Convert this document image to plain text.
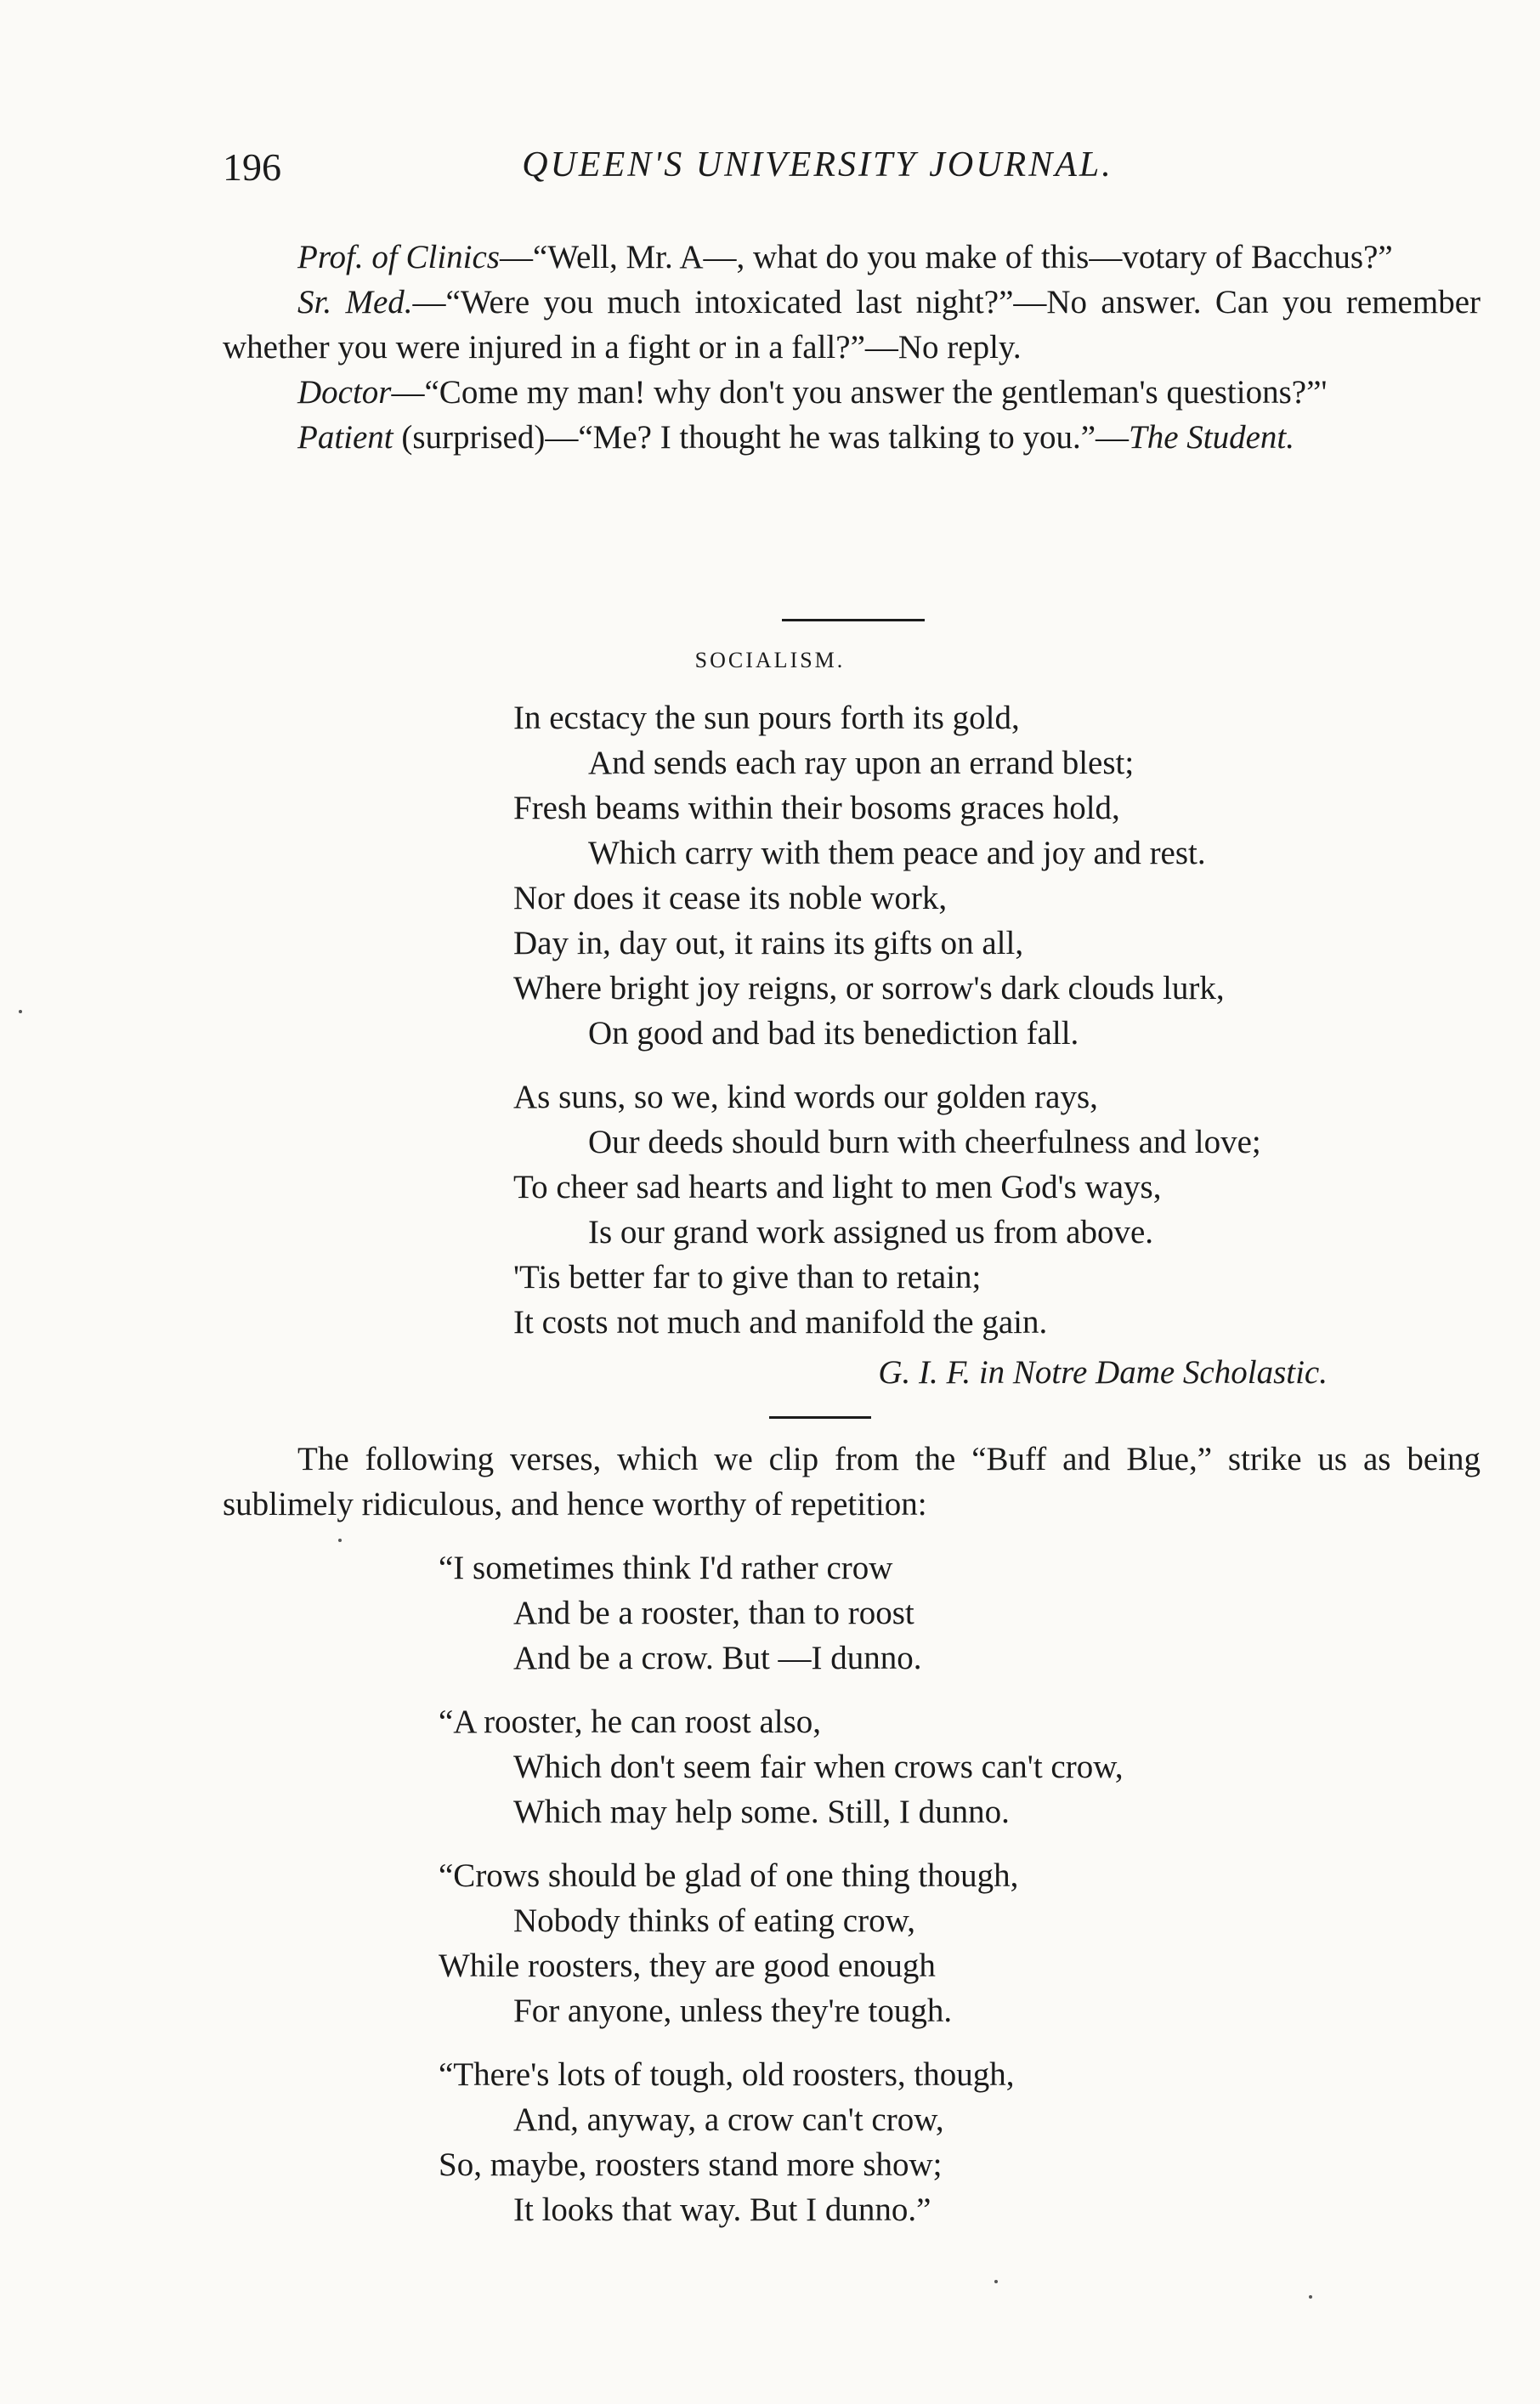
196	QUEEN'S UNIVERSITY JOURNAL.

Prof. of Clinics—“Well, Mr. A—, what do you make of this—votary of Bacchus?”

Sr. Med.—“Were you much intoxicated last night?”—No answer. Can you remember whether you were injured in a fight or in a fall?”—No reply.

Doctor—“Come my man! why don't you answer the gentleman's questions?”'

Patient (surprised)—“Me? I thought he was talking to you.”—The Student.

SOCIALISM.
In ecstacy the sun pours forth its gold,
And sends each ray upon an errand blest;
Fresh beams within their bosoms graces hold,
Which carry with them peace and joy and rest.
Nor does it cease its noble work,
Day in, day out, it rains its gifts on all,
Where bright joy reigns, or sorrow's dark clouds lurk,
On good and bad its benediction fall.
As suns, so we, kind words our golden rays,
Our deeds should burn with cheerfulness and love;
To cheer sad hearts and light to men God's ways,
Is our grand work assigned us from above.
'Tis better far to give than to retain;
It costs not much and manifold the gain.
G. I. F. in Notre Dame Scholastic.

The following verses, which we clip from the “Buff and Blue,” strike us as being sublimely ridiculous, and hence worthy of repetition:

“I sometimes think I'd rather crow
And be a rooster, than to roost
And be a crow. But —I dunno.
“A rooster, he can roost also,
Which don't seem fair when crows can't crow,
Which may help some. Still, I dunno.
“Crows should be glad of one thing though,
Nobody thinks of eating crow,
While roosters, they are good enough
For anyone, unless they're tough.
“There's lots of tough, old roosters, though,
And, anyway, a crow can't crow,
So, maybe, roosters stand more show;
It looks that way. But I dunno.”
